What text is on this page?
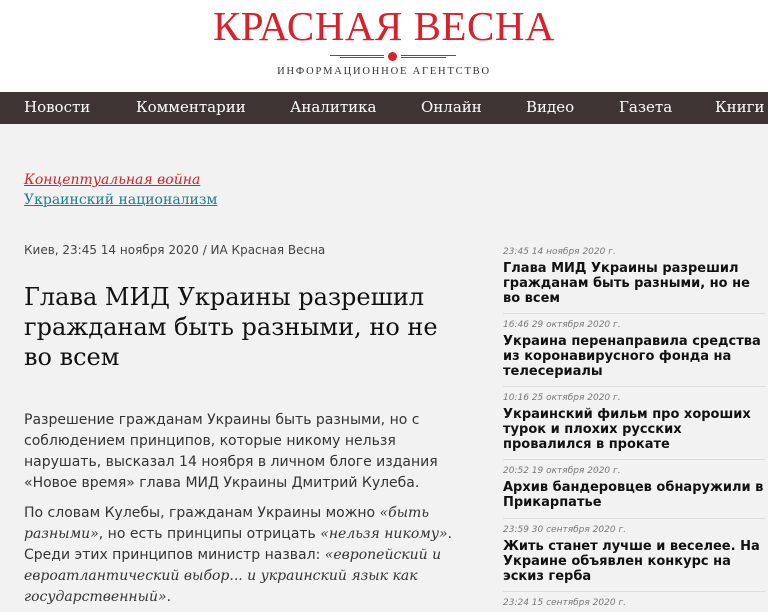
КРАСНАЯ ВЕСНА
ИНФОРМАЦИОННОЕ АГЕНТСТВО
Новости	Комментарии	Аналитика	Онлайн	Видео	Газета	Книги
Концептуальная война
Украинский национализм
Киев, 23:45 14 ноября 2020 / ИА Красная Весна
Глава МИД Украины разрешил гражданам быть разными, но не во всем

Разрешение гражданам Украины быть разными, но с соблюдением принципов, которые никому нельзя нарушать, высказал 14 ноября в личном блоге издания «Новое время» глава МИД Украины Дмитрий Кулеба.

По словам Кулебы, гражданам Украины можно «быть разными», но есть принципы отрицать «нельзя никому». Среди этих принципов министр назвал: «европейский и евроатлантический выбор... и украинский язык как государственный».

23:45 14 ноября 2020 г.
Глава МИД Украины разрешил гражданам быть разными, но не во всем
16:46 29 октября 2020 г.
Украина перенаправила средства из коронавирусного фонда на телесериалы
10:16 25 октября 2020 г.
Украинский фильм про хороших турок и плохих русских провалился в прокате
20:52 19 октября 2020 г.
Архив бандеровцев обнаружили в Прикарпатье
23:59 30 сентября 2020 г.
Жить станет лучше и веселее. На Украине объявлен конкурс на эскиз герба
23:24 15 сентября 2020 г.
